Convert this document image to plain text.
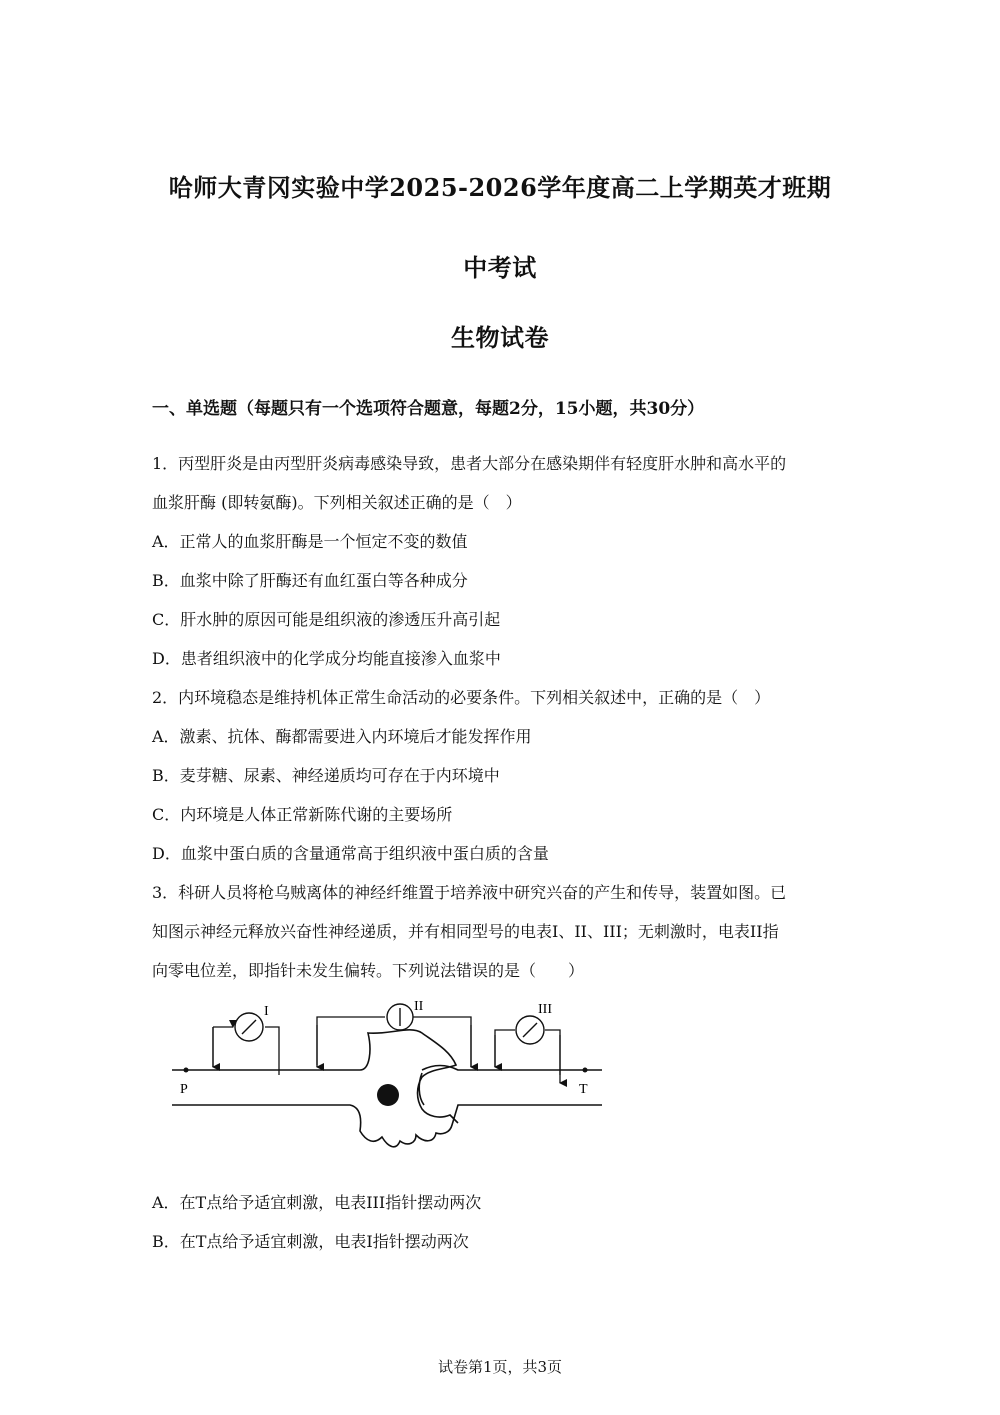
哈师大青冈实验中学2025-2026学年度高二上学期英才班期
中考试
生物试卷
一、单选题（每题只有一个选项符合题意，每题2分，15小题，共30分）
1．丙型肝炎是由丙型肝炎病毒感染导致，患者大部分在感染期伴有轻度肝水肿和高水平的
血浆肝酶 (即转氨酶)。下列相关叙述正确的是（　）
A．正常人的血浆肝酶是一个恒定不变的数值
B．血浆中除了肝酶还有血红蛋白等各种成分
C．肝水肿的原因可能是组织液的渗透压升高引起
D．患者组织液中的化学成分均能直接渗入血浆中
2．内环境稳态是维持机体正常生命活动的必要条件。下列相关叙述中，正确的是（　）
A．激素、抗体、酶都需要进入内环境后才能发挥作用
B．麦芽糖、尿素、神经递质均可存在于内环境中
C．内环境是人体正常新陈代谢的主要场所
D．血浆中蛋白质的含量通常高于组织液中蛋白质的含量
3．科研人员将枪乌贼离体的神经纤维置于培养液中研究兴奋的产生和传导，装置如图。已
知图示神经元释放兴奋性神经递质，并有相同型号的电表I、II、III；无刺激时，电表II指
向零电位差，即指针未发生偏转。下列说法错误的是（　　）
I	II	III
P	T
A．在T点给予适宜刺激，电表III指针摆动两次
B．在T点给予适宜刺激，电表I指针摆动两次
试卷第1页，共3页
